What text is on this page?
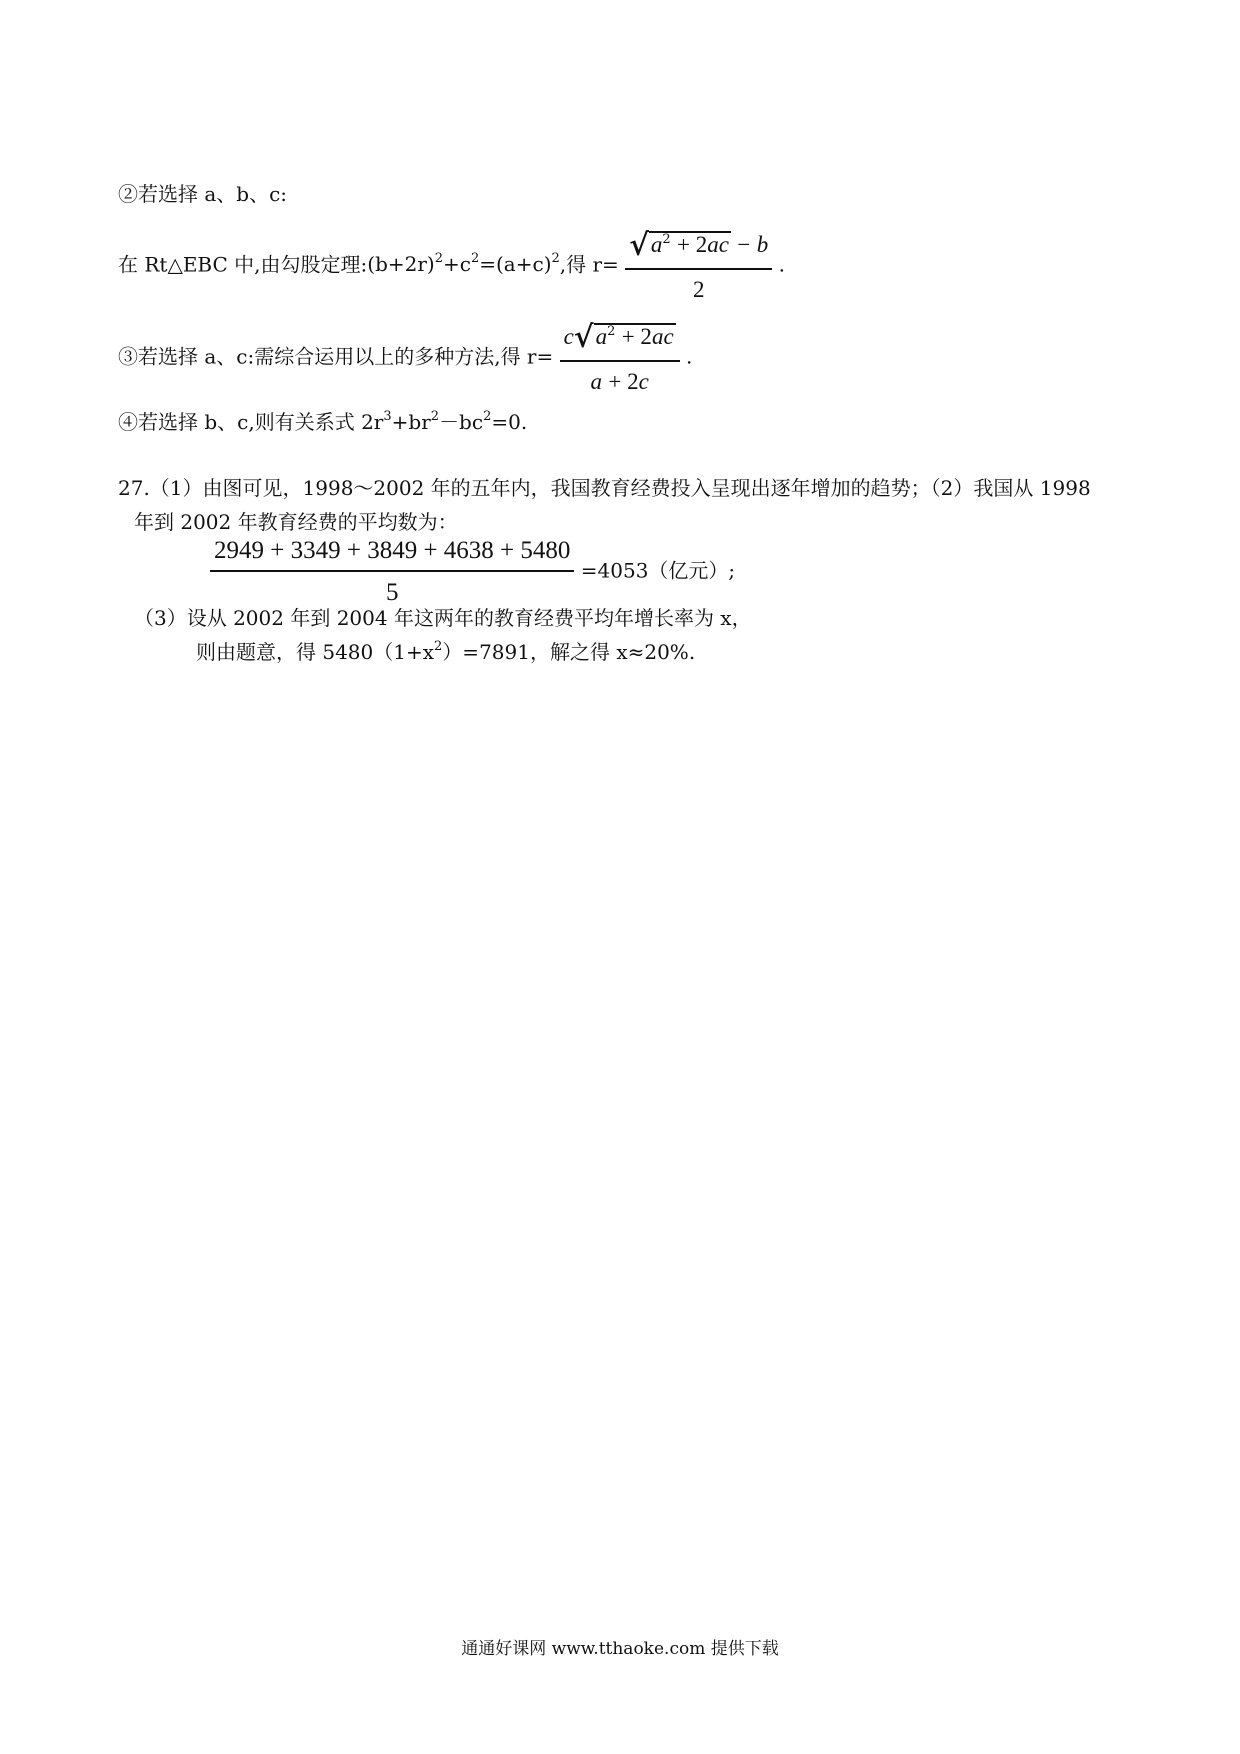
②若选择 a、b、c:
在 Rt△EBC 中,由勾股定理$:(b+2r)^2+c^2=(a+c)^2$,得 $r= \frac{√a^2 + 2ac - b}{2}$ .
③若选择 a、c:需综合运用以上的多种方法,得 $r= \frac{c√a^2 + 2ac}{a + 2c}$ .
④若选择 b、c,则有关系式 $2r^3+br^2-bc^2=0$.
27.（1）由图可见，1998～2002 年的五年内，我国教育经费投入呈现出逐年增加的趋势；（2）我国从 1998
年到 2002 年教育经费的平均数为：
$\frac{2949 + 3349 + 3849 + 4638 + 5480}{5} =4053$（亿元）;
（3）设从 2002 年到 2004 年这两年的教育经费平均年增长率为 x，
则由题意，得 $5480(1+x^2)=7891$，解之得 x≈20%.
通通好课网 www.tthaoke.com 提供下载
